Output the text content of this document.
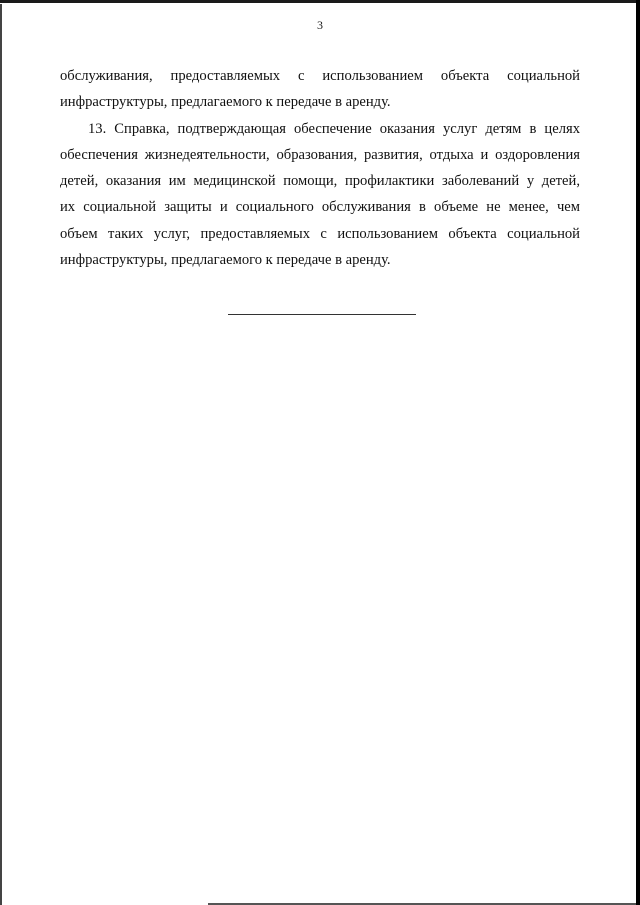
3
обслуживания, предоставляемых с использованием объекта социальной
инфраструктуры, предлагаемого к передаче в аренду.
13. Справка, подтверждающая обеспечение оказания услуг детям в целях
обеспечения жизнедеятельности, образования, развития, отдыха и оздоровления
детей, оказания им медицинской помощи, профилактики заболеваний у детей,
их социальной защиты и социального обслуживания в объеме не менее, чем
объем таких услуг, предоставляемых с использованием объекта социальной
инфраструктуры, предлагаемого к передаче в аренду.
